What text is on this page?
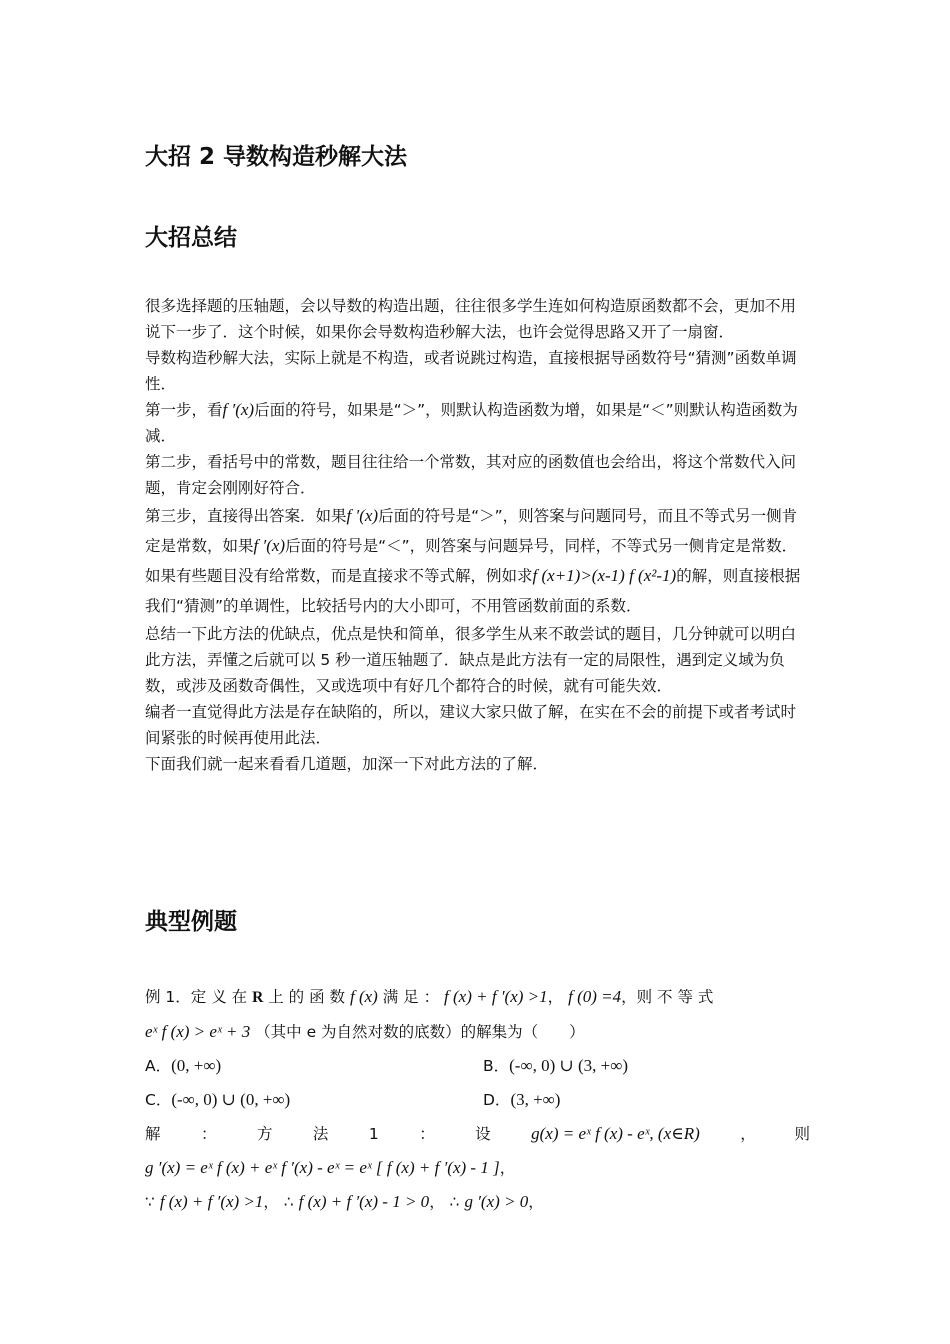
大招 2 导数构造秒解大法
大招总结

很多选择题的压轴题，会以导数的构造出题，往往很多学生连如何构造原函数都不会，更加不用说下一步了．这个时候，如果你会导数构造秒解大法，也许会觉得思路又开了一扇窗．

导数构造秒解大法，实际上就是不构造，或者说跳过构造，直接根据导函数符号“猜测”函数单调性．

第一步，看f ′(x)后面的符号，如果是“＞”，则默认构造函数为增，如果是“＜”则默认构造函数为减．

第二步，看括号中的常数，题目往往给一个常数，其对应的函数值也会给出，将这个常数代入问题，肯定会刚刚好符合．

第三步，直接得出答案．如果f ′(x)后面的符号是“＞”，则答案与问题同号，而且不等式另一侧肯定是常数，如果f ′(x)后面的符号是“＜”，则答案与问题异号，同样，不等式另一侧肯定是常数．

如果有些题目没有给常数，而是直接求不等式解，例如求f (x+1)>(x-1) f (x²-1)的解，则直接根据我们“猜测”的单调性，比较括号内的大小即可，不用管函数前面的系数．

总结一下此方法的优缺点，优点是快和简单，很多学生从来不敢尝试的题目，几分钟就可以明白此方法，弄懂之后就可以 5 秒一道压轴题了．缺点是此方法有一定的局限性，遇到定义域为负数，或涉及函数奇偶性，又或选项中有好几个都符合的时候，就有可能失效．

编者一直觉得此方法是存在缺陷的，所以，建议大家只做了解，在实在不会的前提下或者考试时间紧张的时候再使用此法．

下面我们就一起来看看几道题，加深一下对此方法的了解．

典型例题

例 1．定 义 在 R 上 的 函 数 f (x) 满 足 ： f (x) + f ′(x) >1， f (0) =4，则 不 等 式

eˣ f (x) > eˣ + 3 （其中 e 为自然对数的底数）的解集为（　　）

A．(0, +∞)	B．(-∞, 0) ∪ (3, +∞)
C．(-∞, 0) ∪ (0, +∞)	D．(3, +∞)

解	：	方	法	1	：	设 g(x) = eˣ f (x) - eˣ, (x∈R)	，　　　则

g ′(x) = eˣ f (x) + eˣ f ′(x) - eˣ = eˣ [ f (x) + f ′(x) - 1 ]，

∵ f (x) + f ′(x) >1， ∴ f (x) + f ′(x) - 1 > 0， ∴ g ′(x) > 0，
